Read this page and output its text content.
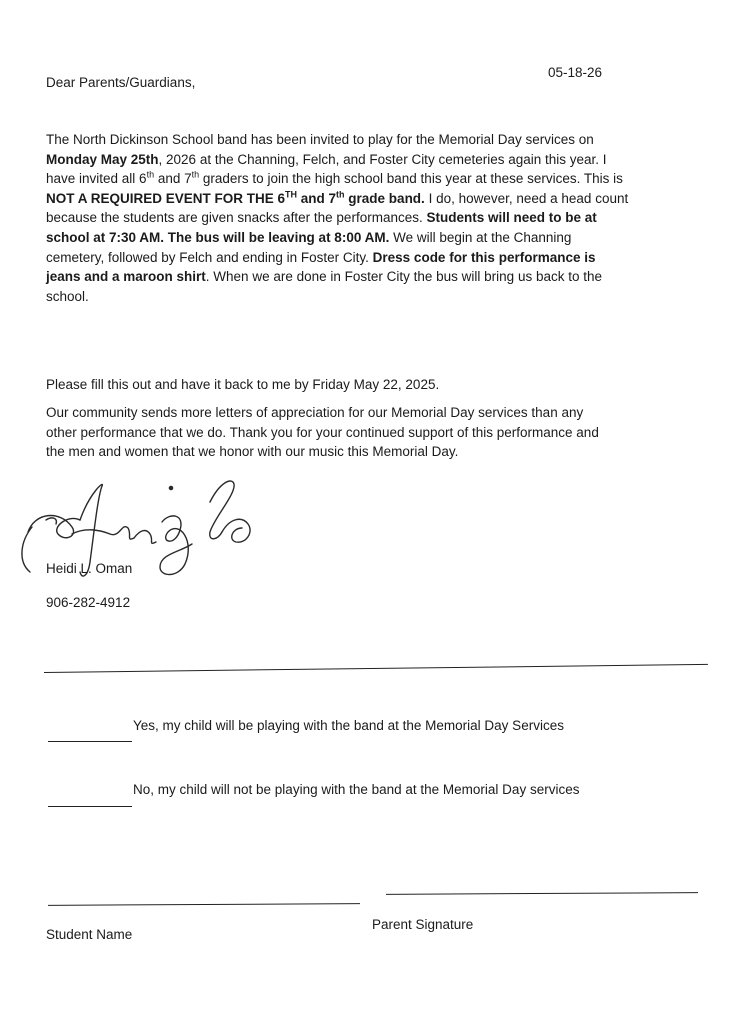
05-18-26
Dear Parents/Guardians,
The North Dickinson School band has been invited to play for the Memorial Day services on
Monday May 25th, 2026 at the Channing, Felch, and Foster City cemeteries again this year. I
have invited all 6th and 7th graders to join the high school band this year at these services. This is
NOT A REQUIRED EVENT FOR THE 6TH and 7th grade band. I do, however, need a head count
because the students are given snacks after the performances. Students will need to be at
school at 7:30 AM. The bus will be leaving at 8:00 AM. We will begin at the Channing
cemetery, followed by Felch and ending in Foster City. Dress code for this performance is
jeans and a maroon shirt. When we are done in Foster City the bus will bring us back to the
school.
Please fill this out and have it back to me by Friday May 22, 2025.
Our community sends more letters of appreciation for our Memorial Day services than any
other performance that we do. Thank you for your continued support of this performance and
the men and women that we honor with our music this Memorial Day.
Heidi L. Oman
906-282-4912
Yes, my child will be playing with the band at the Memorial Day Services
No, my child will not be playing with the band at the Memorial Day services
Student Name
Parent Signature
